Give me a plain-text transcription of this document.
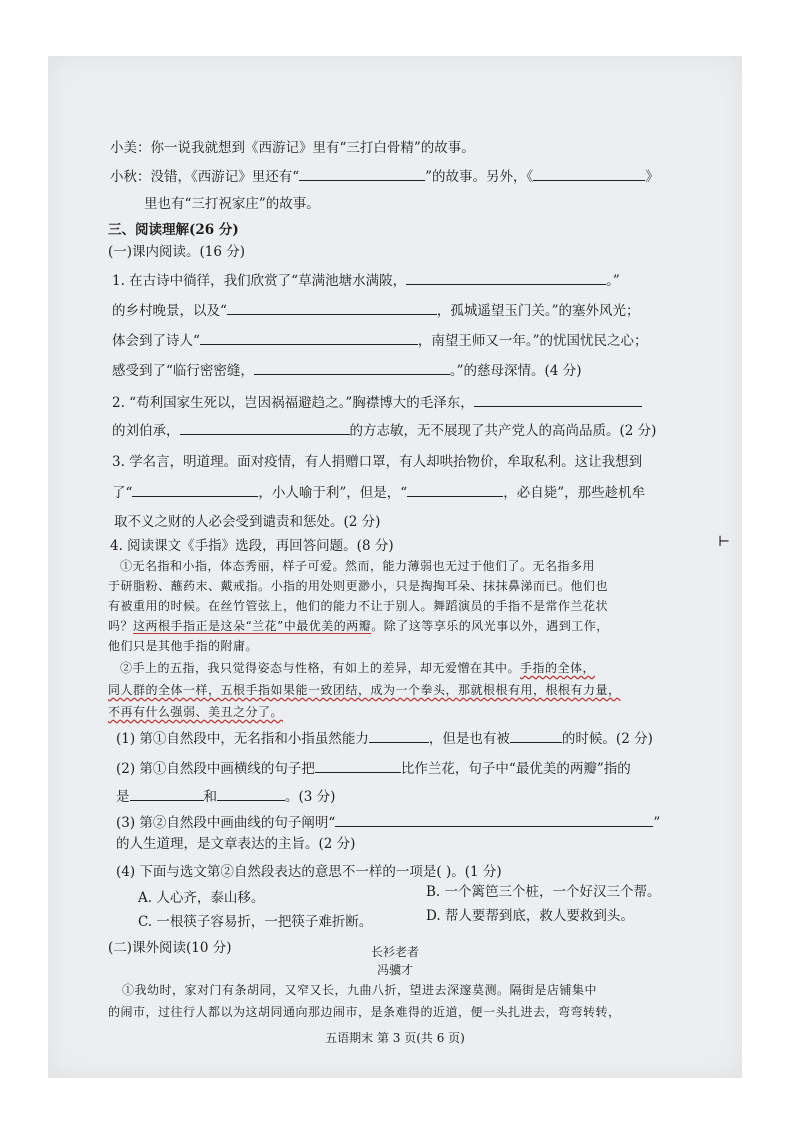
小美：你一说我就想到《西游记》里有“三打白骨精”的故事。
小秋：没错，《西游记》里还有“	”的故事。另外，《	》
里也有“三打祝家庄”的故事。
三、阅读理解(26 分)
(一)课内阅读。(16 分)
1. 在古诗中徜徉，我们欣赏了“草满池塘水满陂，	。”
的乡村晚景，以及“	，孤城遥望玉门关。”的塞外风光；
体会到了诗人“	，南望王师又一年。”的忧国忧民之心；
感受到了“临行密密缝，	。”的慈母深情。(4 分)
2. “苟利国家生死以，岂因祸福避趋之。”胸襟博大的毛泽东，
的刘伯承，	的方志敏，无不展现了共产党人的高尚品质。(2 分)
3. 学名言，明道理。面对疫情，有人捐赠口罩，有人却哄抬物价，牟取私利。这让我想到
了“	，小人喻于利”，但是，“	，必自毙”，那些趁机牟
取不义之财的人必会受到谴责和惩处。(2 分)
4. 阅读课文《手指》选段，再回答问题。(8 分)
①无名指和小指，体态秀丽，样子可爱。然而，能力薄弱也无过于他们了。无名指多用
于研脂粉、蘸药末、戴戒指。小指的用处则更渺小，只是掏掏耳朵、抹抹鼻涕而已。他们也
有被重用的时候。在丝竹管弦上，他们的能力不让于别人。舞蹈演员的手指不是常作兰花状
吗？这两根手指正是这朵“兰花”中最优美的两瓣。除了这等享乐的风光事以外，遇到工作，
他们只是其他手指的附庸。
②手上的五指，我只觉得姿态与性格，有如上的差异，却无爱憎在其中。手指的全体，
同人群的全体一样，五根手指如果能一致团结，成为一个拳头，那就根根有用，根根有力量，
不再有什么强弱、美丑之分了。
(1) 第①自然段中，无名指和小指虽然能力	，但是也有被	的时候。(2 分)
(2) 第①自然段中画横线的句子把	比作兰花，句子中“最优美的两瓣”指的
是	和	。(3 分)
(3) 第②自然段中画曲线的句子阐明“	”
的人生道理，是文章表达的主旨。(2 分)
(4) 下面与选文第②自然段表达的意思不一样的一项是( )。(1 分)
A. 人心齐，泰山移。	B. 一个篱笆三个桩，一个好汉三个帮。
C. 一根筷子容易折，一把筷子难折断。	D. 帮人要帮到底，救人要救到头。
(二)课外阅读(10 分)	长衫老者
冯骥才
①我幼时，家对门有条胡同，又窄又长，九曲八折，望进去深邃莫测。隔街是店铺集中
的闹市，过往行人都以为这胡同通向那边闹市，是条难得的近道，便一头扎进去，弯弯转转，
⊢
五语期末 第 3 页(共 6 页)
